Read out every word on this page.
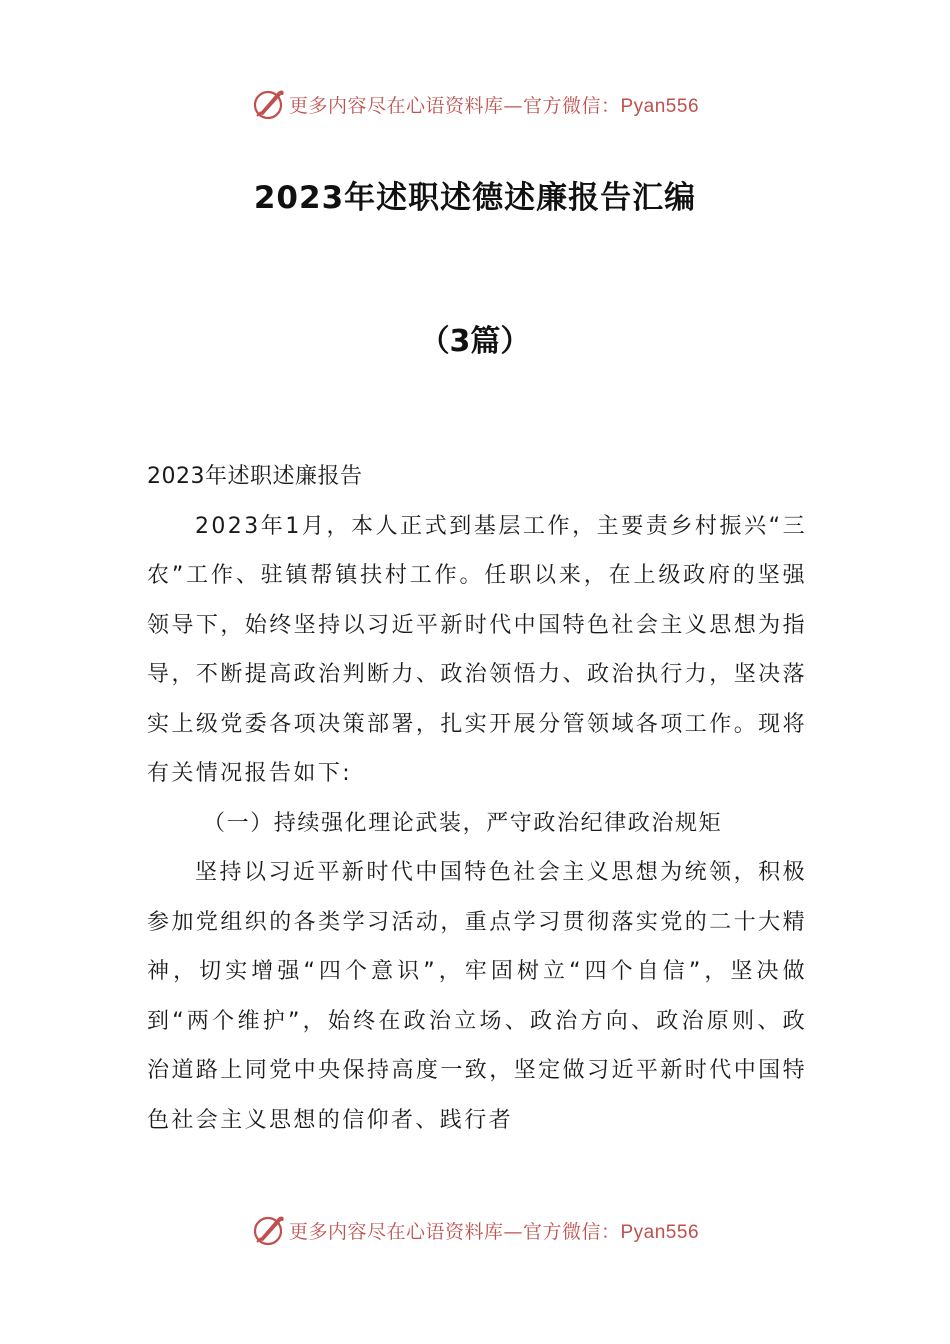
更多内容尽在心语资料库—官方微信：Pyan556
2023年述职述德述廉报告汇编
（3篇）

2023年述职述廉报告

2023年1月，本人正式到基层工作，主要责乡村振兴“三农”工作、驻镇帮镇扶村工作。任职以来，在上级政府的坚强领导下，始终坚持以习近平新时代中国特色社会主义思想为指导，不断提高政治判断力、政治领悟力、政治执行力，坚决落实上级党委各项决策部署，扎实开展分管领域各项工作。现将有关情况报告如下:

（一）持续强化理论武装，严守政治纪律政治规矩

坚持以习近平新时代中国特色社会主义思想为统领，积极参加党组织的各类学习活动，重点学习贯彻落实党的二十大精神，切实增强“四个意识”，牢固树立“四个自信”，坚决做到“两个维护”，始终在政治立场、政治方向、政治原则、政治道路上同党中央保持高度一致，坚定做习近平新时代中国特色社会主义思想的信仰者、践行者

更多内容尽在心语资料库—官方微信：Pyan556
